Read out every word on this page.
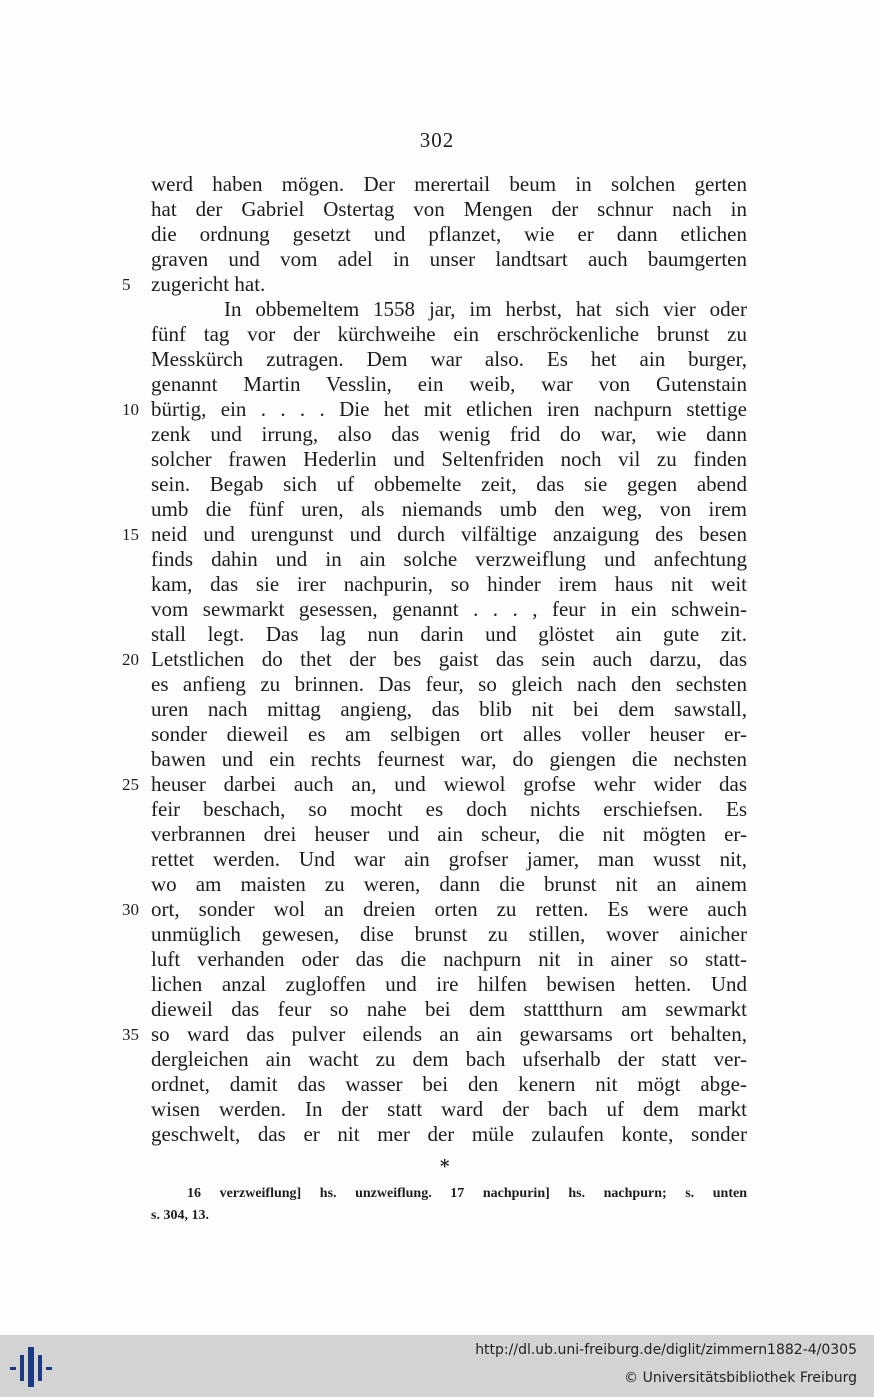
302
werd haben mögen. Der merertail beum in solchen gerten
hat der Gabriel Ostertag von Mengen der schnur nach in
die ordnung gesetzt und pflanzet, wie er dann etlichen
graven und vom adel in unser landtsart auch baumgerten
5 zugericht hat.
In obbemeltem 1558 jar, im herbst, hat sich vier oder
fünf tag vor der kürchweihe ein erschröckenliche brunst zu
Messkürch zutragen. Dem war also. Es het ain burger,
genannt Martin Vesslin, ein weib, war von Gutenstain
10 bürtig, ein . . . . Die het mit etlichen iren nachpurn stettige
zenk und irrung, also das wenig frid do war, wie dann
solcher frawen Hederlin und Seltenfriden noch vil zu finden
sein. Begab sich uf obbemelte zeit, das sie gegen abend
umb die fünf uren, als niemands umb den weg, von irem
15 neid und urengunst und durch vilfältige anzaigung des besen
finds dahin und in ain solche verzweiflung und anfechtung
kam, das sie irer nachpurin, so hinder irem haus nit weit
vom sewmarkt gesessen, genannt . . . , feur in ein schwein-
stall legt. Das lag nun darin und glöstet ain gute zit.
20 Letstlichen do thet der bes gaist das sein auch darzu, das
es anfieng zu brinnen. Das feur, so gleich nach den sechsten
uren nach mittag angieng, das blib nit bei dem sawstall,
sonder dieweil es am selbigen ort alles voller heuser er-
bawen und ein rechts feurnest war, do giengen die nechsten
25 heuser darbei auch an, und wiewol grofse wehr wider das
feir beschach, so mocht es doch nichts erschiefsen. Es
verbrannen drei heuser und ain scheur, die nit mögten er-
rettet werden. Und war ain grofser jamer, man wusst nit,
wo am maisten zu weren, dann die brunst nit an ainem
30 ort, sonder wol an dreien orten zu retten. Es were auch
unmüglich gewesen, dise brunst zu stillen, wover ainicher
luft verhanden oder das die nachpurn nit in ainer so statt-
lichen anzal zugloffen und ire hilfen bewisen hetten. Und
dieweil das feur so nahe bei dem stattthurn am sewmarkt
35 so ward das pulver eilends an ain gewarsams ort behalten,
dergleichen ain wacht zu dem bach ufserhalb der statt ver-
ordnet, damit das wasser bei den kenern nit mögt abge-
wisen werden. In der statt ward der bach uf dem markt
geschwelt, das er nit mer der müle zulaufen konte, sonder
*
16 verzweiflung] hs. unzweiflung. 17 nachpurin] hs. nachpurn; s. unten
s. 304, 13.
http://dl.ub.uni-freiburg.de/diglit/zimmern1882-4/0305
© Universitätsbibliothek Freiburg
